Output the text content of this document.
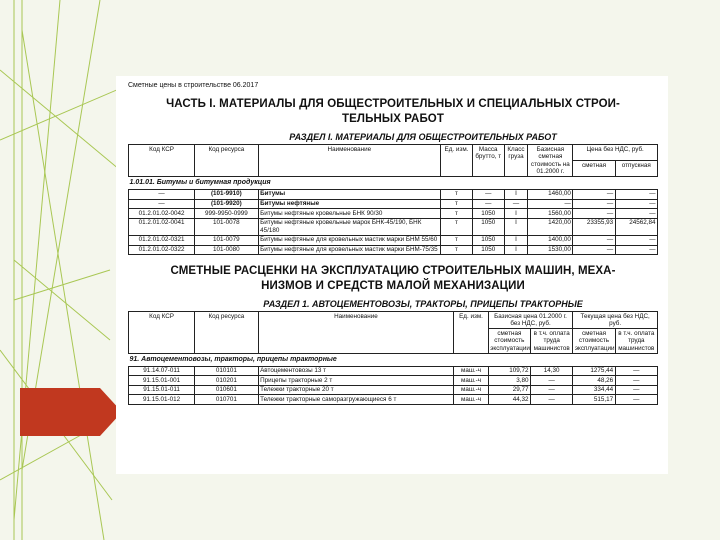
Сметные цены в строительстве 06.2017
ЧАСТЬ I. МАТЕРИАЛЫ ДЛЯ ОБЩЕСТРОИТЕЛЬНЫХ И СПЕЦИАЛЬНЫХ СТРОИ-
ТЕЛЬНЫХ РАБОТ
РАЗДЕЛ I. МАТЕРИАЛЫ ДЛЯ ОБЩЕСТРОИТЕЛЬНЫХ РАБОТ
Код КСР	Код ресурса	Наименование	Ед. изм.	Масса брутто, т	Класс груза	Базисная сметная стоимость на 01.2000 г.	Цена без НДС, руб.	
							сметная	отпускная
1.01.01. Битумы и битумная продукция								
—	(101-9910)	Битумы	т	—	I	1460,00	—	—
—	(101-9920)	Битумы нефтяные	т	—	—	—	—	—
01.2.01.02-0042	999-9950-0999	Битумы нефтяные кровельные БНК 90/30	т	1050	I	1560,00	—	—
01.2.01.02-0041	101-0078	Битумы нефтяные кровельные марок БНК-45/190, БНК 45/180	т	1050	I	1420,00	23355,93	24562,84
01.2.01.02-0321	101-0079	Битумы нефтяные для кровельных мастик марки БНМ 55/60	т	1050	I	1400,00	—	—
01.2.01.02-0322	101-0080	Битумы нефтяные для кровельных мастик марки БНМ-75/35	т	1050	I	1530,00	—	—
СМЕТНЫЕ РАСЦЕНКИ НА ЭКСПЛУАТАЦИЮ СТРОИТЕЛЬНЫХ МАШИН, МЕХА-
НИЗМОВ И СРЕДСТВ МАЛОЙ МЕХАНИЗАЦИИ
РАЗДЕЛ 1. АВТОЦЕМЕНТОВОЗЫ, ТРАКТОРЫ, ПРИЦЕПЫ ТРАКТОРНЫЕ
Код КСР	Код ресурса	Наименование	Ед. изм.	Базисная цена 01.2000 г. без НДС, руб.		Текущая цена без НДС, руб.	
				сметная стоимость эксплуатации	в т.ч. оплата труда машинистов	сметная стоимость эксплуатации	в т.ч. оплата труда машинистов
91. Автоцементовозы, тракторы, прицепы тракторные							
91.14.07-011	010101	Автоцементовозы 13 т	маш.-ч	109,72	14,30	1275,44	—
91.15.01-001	010201	Прицепы тракторные 2 т	маш.-ч	3,80	—	48,26	—
91.15.01-011	010601	Тележки тракторные 20 т	маш.-ч	29,77	—	334,44	—
91.15.01-012	010701	Тележки тракторные саморазгружающиеся 6 т	маш.-ч	44,32	—	515,17	—
